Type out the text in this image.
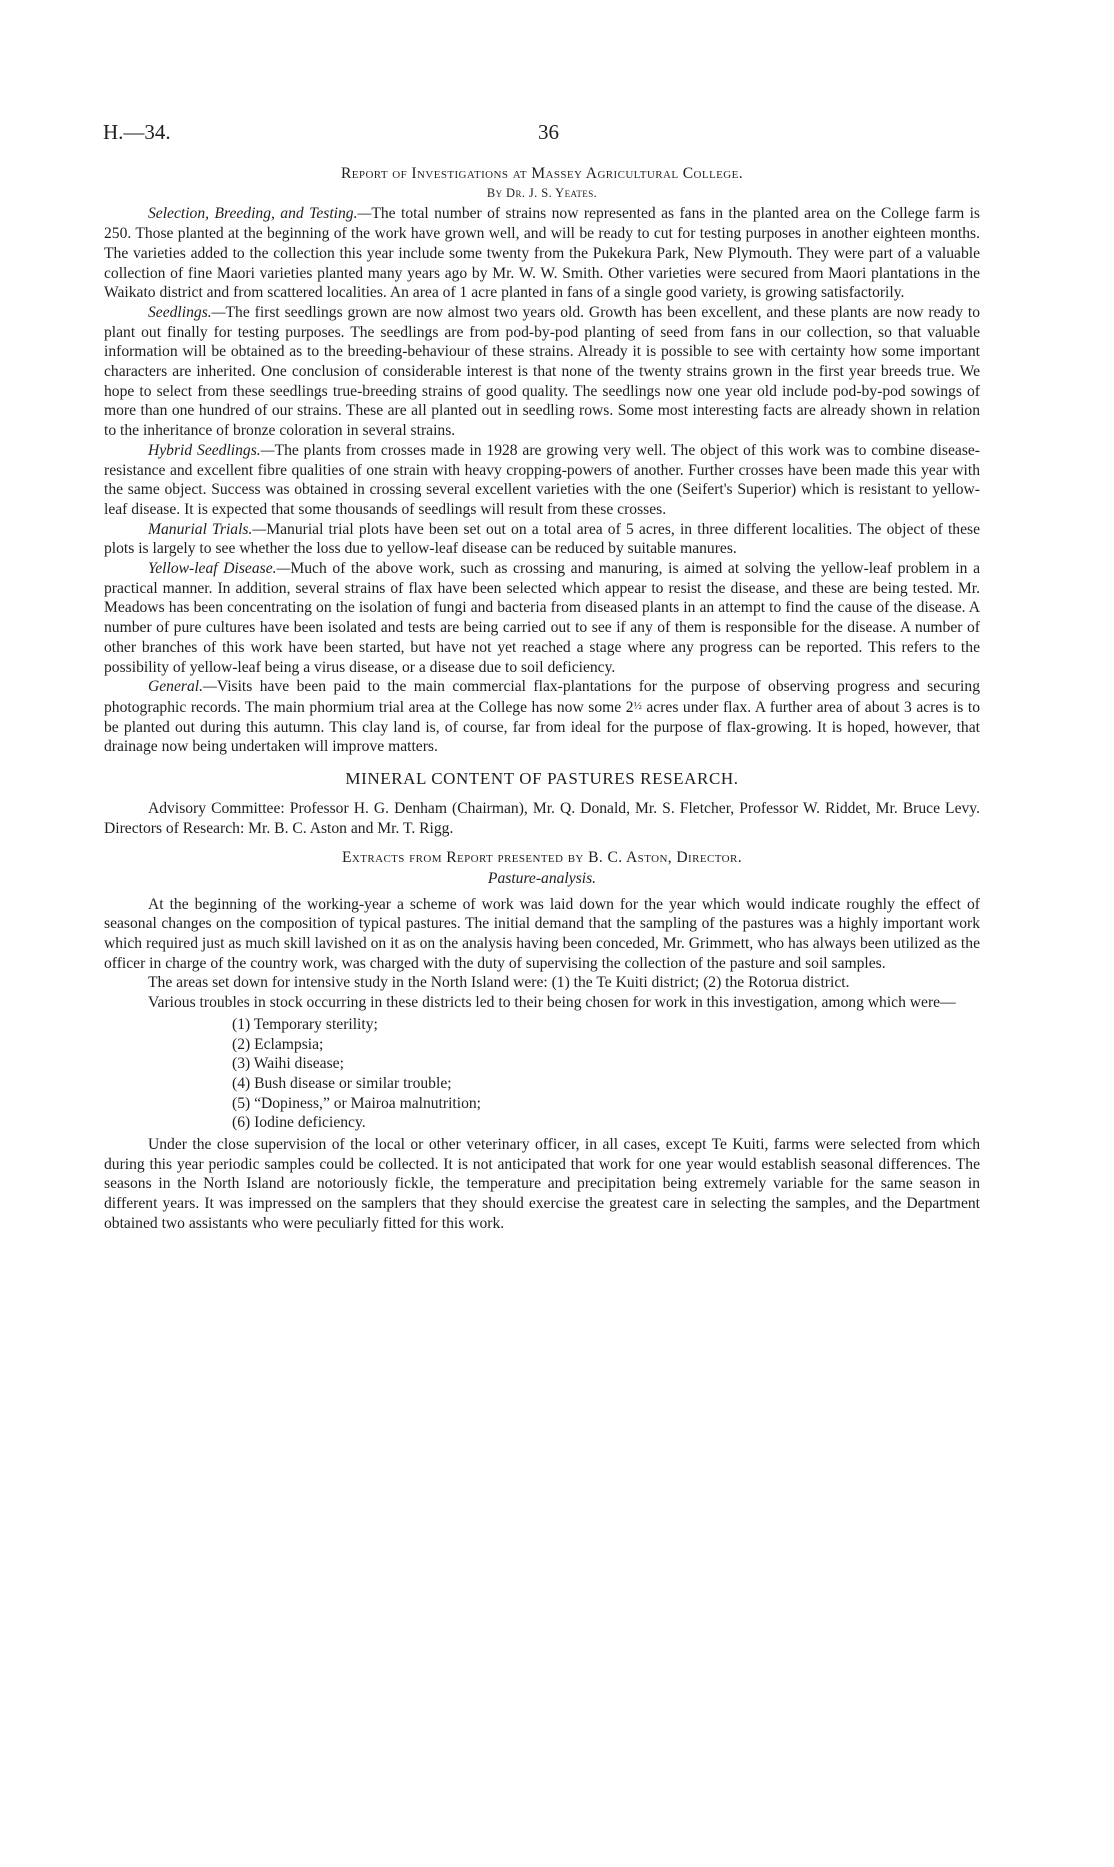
H.—34.	36

Report of Investigations at Massey Agricultural College.

By Dr. J. S. Yeates.

Selection, Breeding, and Testing.—The total number of strains now represented as fans in the planted area on the College farm is 250. Those planted at the beginning of the work have grown well, and will be ready to cut for testing purposes in another eighteen months. The varieties added to the collection this year include some twenty from the Pukekura Park, New Plymouth. They were part of a valuable collection of fine Maori varieties planted many years ago by Mr. W. W. Smith. Other varieties were secured from Maori plantations in the Waikato district and from scattered localities. An area of 1 acre planted in fans of a single good variety, is growing satisfactorily.

Seedlings.—The first seedlings grown are now almost two years old. Growth has been excellent, and these plants are now ready to plant out finally for testing purposes. The seedlings are from pod-by-pod planting of seed from fans in our collection, so that valuable information will be obtained as to the breeding-behaviour of these strains. Already it is possible to see with certainty how some important characters are inherited. One conclusion of considerable interest is that none of the twenty strains grown in the first year breeds true. We hope to select from these seedlings true-breeding strains of good quality. The seedlings now one year old include pod-by-pod sowings of more than one hundred of our strains. These are all planted out in seedling rows. Some most interesting facts are already shown in relation to the inheritance of bronze coloration in several strains.

Hybrid Seedlings.—The plants from crosses made in 1928 are growing very well. The object of this work was to combine disease-resistance and excellent fibre qualities of one strain with heavy cropping-powers of another. Further crosses have been made this year with the same object. Success was obtained in crossing several excellent varieties with the one (Seifert's Superior) which is resistant to yellow-leaf disease. It is expected that some thousands of seedlings will result from these crosses.

Manurial Trials.—Manurial trial plots have been set out on a total area of 5 acres, in three different localities. The object of these plots is largely to see whether the loss due to yellow-leaf disease can be reduced by suitable manures.

Yellow-leaf Disease.—Much of the above work, such as crossing and manuring, is aimed at solving the yellow-leaf problem in a practical manner. In addition, several strains of flax have been selected which appear to resist the disease, and these are being tested. Mr. Meadows has been concentrating on the isolation of fungi and bacteria from diseased plants in an attempt to find the cause of the disease. A number of pure cultures have been isolated and tests are being carried out to see if any of them is responsible for the disease. A number of other branches of this work have been started, but have not yet reached a stage where any progress can be reported. This refers to the possibility of yellow-leaf being a virus disease, or a disease due to soil deficiency.

General.—Visits have been paid to the main commercial flax-plantations for the purpose of observing progress and securing photographic records. The main phormium trial area at the College has now some 2½ acres under flax. A further area of about 3 acres is to be planted out during this autumn. This clay land is, of course, far from ideal for the purpose of flax-growing. It is hoped, however, that drainage now being undertaken will improve matters.

MINERAL CONTENT OF PASTURES RESEARCH.

Advisory Committee: Professor H. G. Denham (Chairman), Mr. Q. Donald, Mr. S. Fletcher, Professor W. Riddet, Mr. Bruce Levy. Directors of Research: Mr. B. C. Aston and Mr. T. Rigg.

Extracts from Report presented by B. C. Aston, Director.

Pasture-analysis.

At the beginning of the working-year a scheme of work was laid down for the year which would indicate roughly the effect of seasonal changes on the composition of typical pastures. The initial demand that the sampling of the pastures was a highly important work which required just as much skill lavished on it as on the analysis having been conceded, Mr. Grimmett, who has always been utilized as the officer in charge of the country work, was charged with the duty of supervising the collection of the pasture and soil samples.

The areas set down for intensive study in the North Island were: (1) the Te Kuiti district; (2) the Rotorua district.

Various troubles in stock occurring in these districts led to their being chosen for work in this investigation, among which were—

(1) Temporary sterility;
(2) Eclampsia;
(3) Waihi disease;
(4) Bush disease or similar trouble;
(5) “Dopiness,” or Mairoa malnutrition;
(6) Iodine deficiency.

Under the close supervision of the local or other veterinary officer, in all cases, except Te Kuiti, farms were selected from which during this year periodic samples could be collected. It is not anticipated that work for one year would establish seasonal differences. The seasons in the North Island are notoriously fickle, the temperature and precipitation being extremely variable for the same season in different years. It was impressed on the samplers that they should exercise the greatest care in selecting the samples, and the Department obtained two assistants who were peculiarly fitted for this work.
